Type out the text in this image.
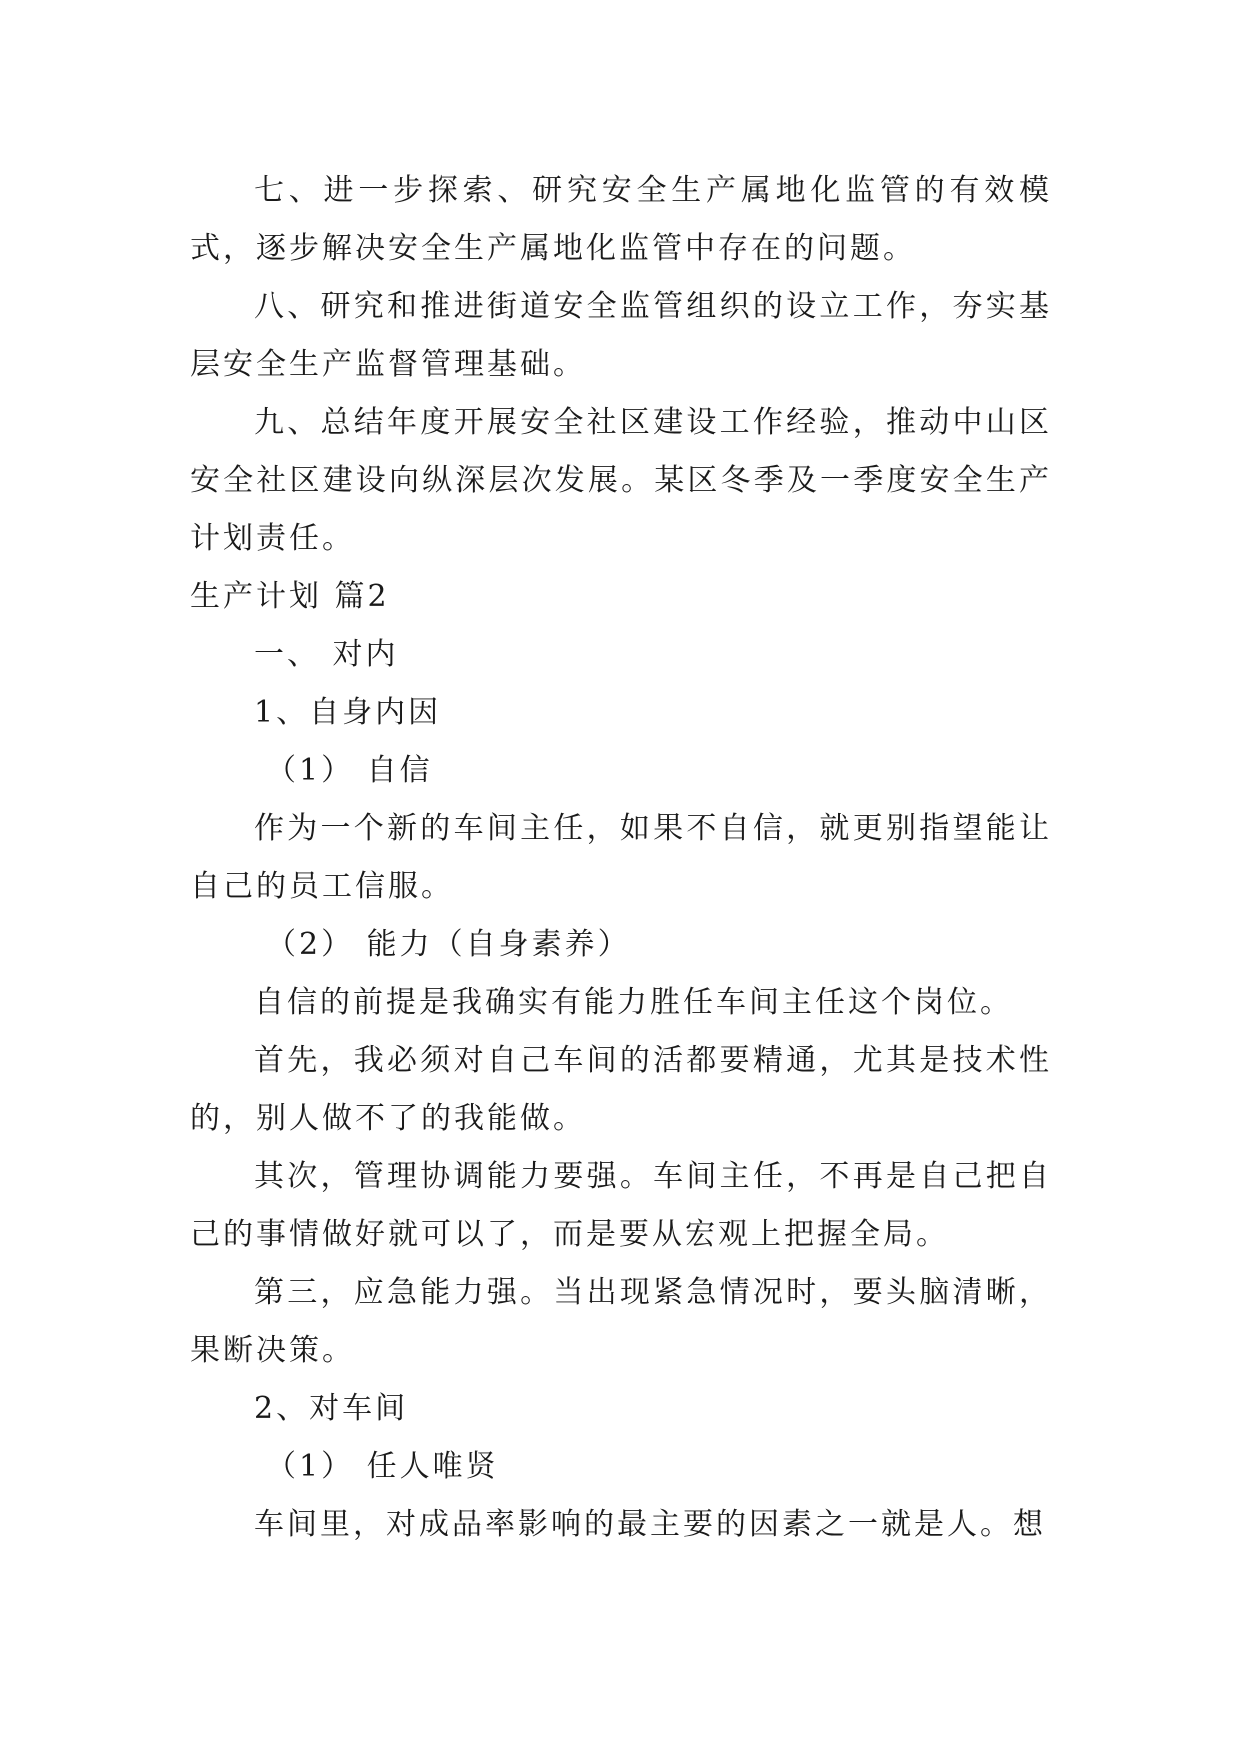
七、进一步探索、研究安全生产属地化监管的有效模式，逐步解决安全生产属地化监管中存在的问题。

八、研究和推进街道安全监管组织的设立工作，夯实基层安全生产监督管理基础。

九、总结年度开展安全社区建设工作经验，推动中山区安全社区建设向纵深层次发展。某区冬季及一季度安全生产计划责任。

生产计划 篇2

一、 对内

1、自身内因

（1） 自信

作为一个新的车间主任，如果不自信，就更别指望能让自己的员工信服。

（2） 能力（自身素养）

自信的前提是我确实有能力胜任车间主任这个岗位。

首先，我必须对自己车间的活都要精通，尤其是技术性的，别人做不了的我能做。

其次，管理协调能力要强。车间主任，不再是自己把自己的事情做好就可以了，而是要从宏观上把握全局。

第三，应急能力强。当出现紧急情况时，要头脑清晰，果断决策。

2、对车间

（1） 任人唯贤

车间里，对成品率影响的最主要的因素之一就是人。想
